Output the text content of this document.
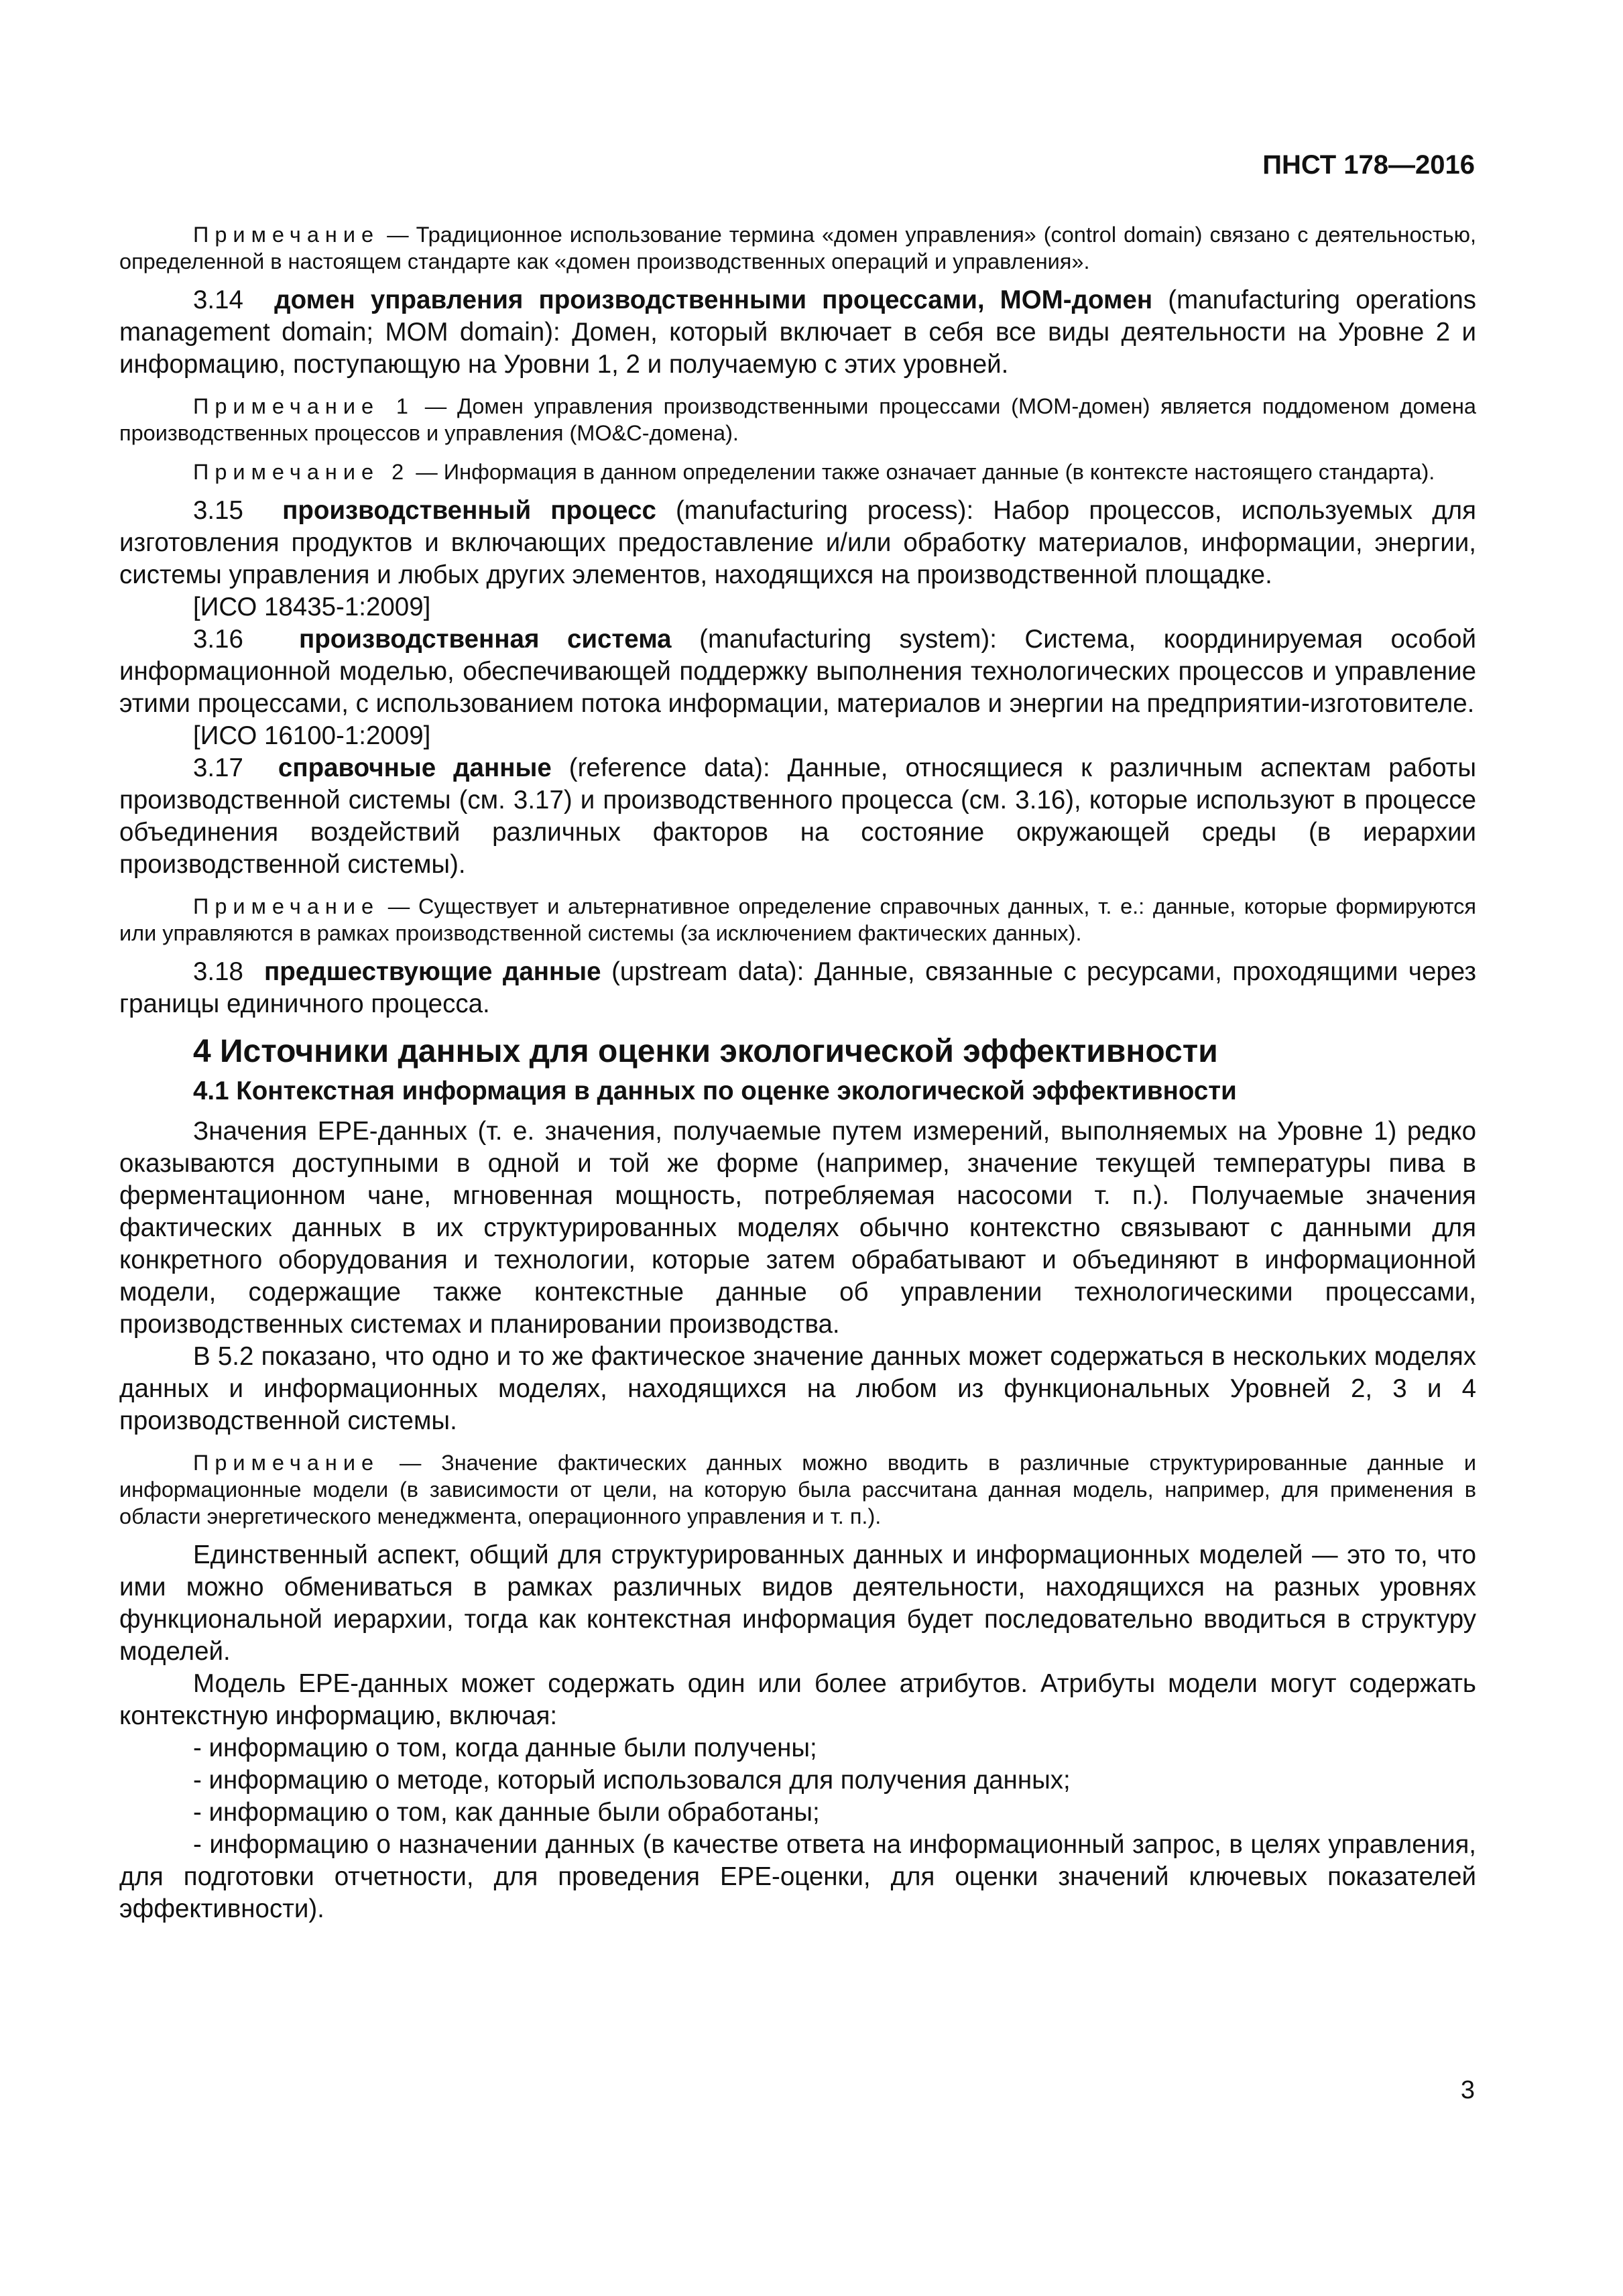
ПНСТ 178—2016

Примечание — Традиционное использование термина «домен управления» (control domain) связано с деятельностью, определенной в настоящем стандарте как «домен производственных операций и управления».

3.14 домен управления производственными процессами, МОМ-домен (manufacturing operations management domain; MOM domain): Домен, который включает в себя все виды деятельности на Уровне 2 и информацию, поступающую на Уровни 1, 2 и получаемую с этих уровней.

Примечание 1 — Домен управления производственными процессами (МОМ-домен) является поддоменом домена производственных процессов и управления (МО&С-домена).

Примечание 2 — Информация в данном определении также означает данные (в контексте настоящего стандарта).

3.15 производственный процесс (manufacturing process): Набор процессов, используемых для изготовления продуктов и включающих предоставление и/или обработку материалов, информации, энергии, системы управления и любых других элементов, находящихся на производственной площадке.

[ИСО 18435-1:2009]

3.16 производственная система (manufacturing system): Система, координируемая особой информационной моделью, обеспечивающей поддержку выполнения технологических процессов и управление этими процессами, с использованием потока информации, материалов и энергии на предприятии-изготовителе.

[ИСО 16100-1:2009]

3.17 справочные данные (reference data): Данные, относящиеся к различным аспектам работы производственной системы (см. 3.17) и производственного процесса (см. 3.16), которые используют в процессе объединения воздействий различных факторов на состояние окружающей среды (в иерархии производственной системы).

Примечание — Существует и альтернативное определение справочных данных, т. е.: данные, которые формируются или управляются в рамках производственной системы (за исключением фактических данных).

3.18 предшествующие данные (upstream data): Данные, связанные с ресурсами, проходящими через границы единичного процесса.

4 Источники данных для оценки экологической эффективности
4.1 Контекстная информация в данных по оценке экологической эффективности

Значения ЕРЕ-данных (т. е. значения, получаемые путем измерений, выполняемых на Уровне 1) редко оказываются доступными в одной и той же форме (например, значение текущей температуры пива в ферментационном чане, мгновенная мощность, потребляемая насосоми т. п.). Получаемые значения фактических данных в их структурированных моделях обычно контекстно связывают с данными для конкретного оборудования и технологии, которые затем обрабатывают и объединяют в информационной модели, содержащие также контекстные данные об управлении технологическими процессами, производственных системах и планировании производства.

В 5.2 показано, что одно и то же фактическое значение данных может содержаться в нескольких моделях данных и информационных моделях, находящихся на любом из функциональных Уровней 2, 3 и 4 производственной системы.

Примечание — Значение фактических данных можно вводить в различные структурированные данные и информационные модели (в зависимости от цели, на которую была рассчитана данная модель, например, для применения в области энергетического менеджмента, операционного управления и т. п.).

Единственный аспект, общий для структурированных данных и информационных моделей — это то, что ими можно обмениваться в рамках различных видов деятельности, находящихся на разных уровнях функциональной иерархии, тогда как контекстная информация будет последовательно вводиться в структуру моделей.

Модель ЕРЕ-данных может содержать один или более атрибутов. Атрибуты модели могут содержать контекстную информацию, включая:

- информацию о том, когда данные были получены;

- информацию о методе, который использовался для получения данных;

- информацию о том, как данные были обработаны;

- информацию о назначении данных (в качестве ответа на информационный запрос, в целях управления, для подготовки отчетности, для проведения ЕРЕ-оценки, для оценки значений ключевых показателей эффективности).

3
